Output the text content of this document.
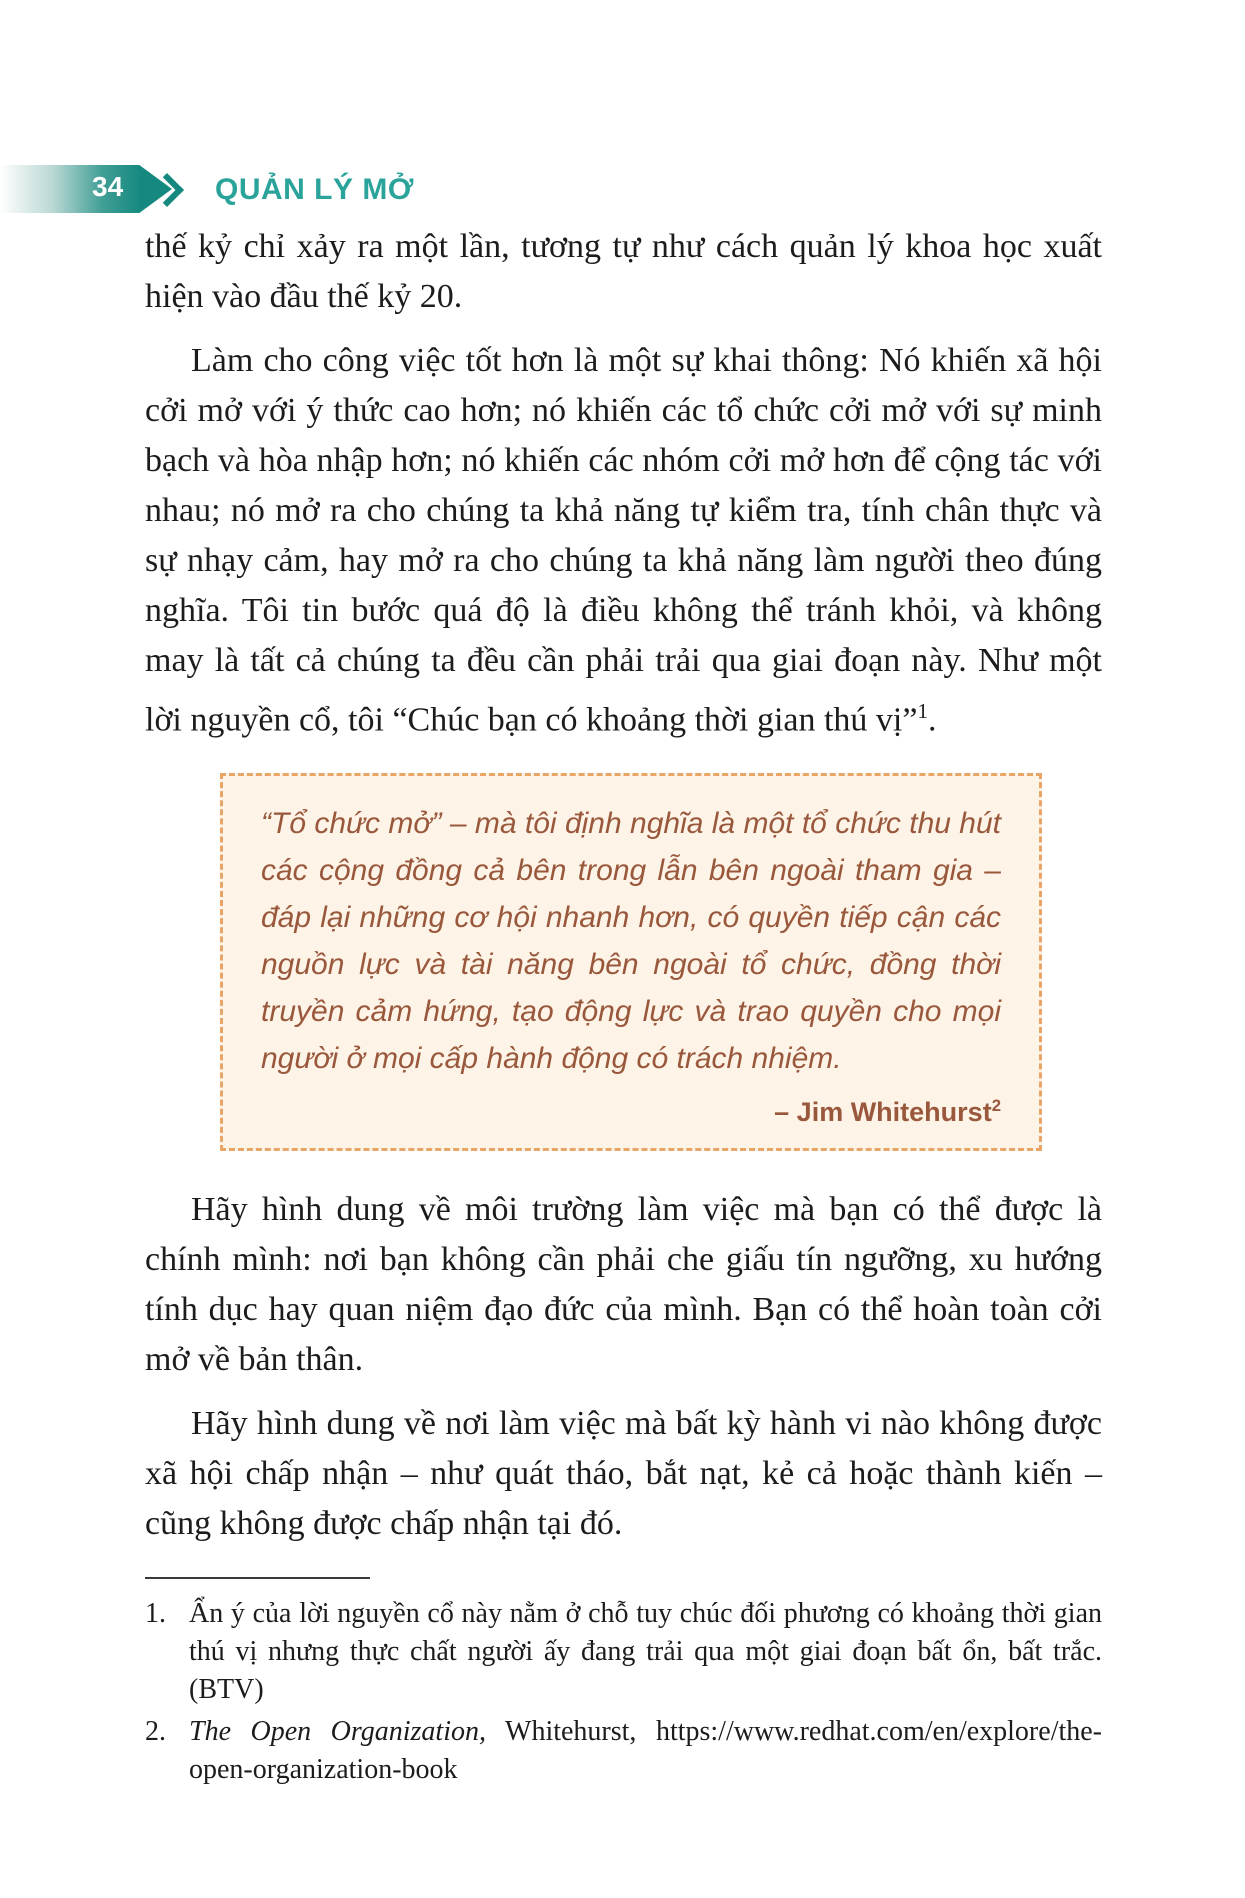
34	QUẢN LÝ MỞ

thế kỷ chỉ xảy ra một lần, tương tự như cách quản lý khoa học xuất hiện vào đầu thế kỷ 20.

Làm cho công việc tốt hơn là một sự khai thông: Nó khiến xã hội cởi mở với ý thức cao hơn; nó khiến các tổ chức cởi mở với sự minh bạch và hòa nhập hơn; nó khiến các nhóm cởi mở hơn để cộng tác với nhau; nó mở ra cho chúng ta khả năng tự kiểm tra, tính chân thực và sự nhạy cảm, hay mở ra cho chúng ta khả năng làm người theo đúng nghĩa. Tôi tin bước quá độ là điều không thể tránh khỏi, và không may là tất cả chúng ta đều cần phải trải qua giai đoạn này. Như một lời nguyền cổ, tôi “Chúc bạn có khoảng thời gian thú vị”$^1$.

“Tổ chức mở” – mà tôi định nghĩa là một tổ chức thu hút các cộng đồng cả bên trong lẫn bên ngoài tham gia – đáp lại những cơ hội nhanh hơn, có quyền tiếp cận các nguồn lực và tài năng bên ngoài tổ chức, đồng thời truyền cảm hứng, tạo động lực và trao quyền cho mọi người ở mọi cấp hành động có trách nhiệm.

– Jim Whitehurst$^2$

Hãy hình dung về môi trường làm việc mà bạn có thể được là chính mình: nơi bạn không cần phải che giấu tín ngưỡng, xu hướng tính dục hay quan niệm đạo đức của mình. Bạn có thể hoàn toàn cởi mở về bản thân.

Hãy hình dung về nơi làm việc mà bất kỳ hành vi nào không được xã hội chấp nhận – như quát tháo, bắt nạt, kẻ cả hoặc thành kiến – cũng không được chấp nhận tại đó.

1. Ẩn ý của lời nguyền cổ này nằm ở chỗ tuy chúc đối phương có khoảng thời gian thú vị nhưng thực chất người ấy đang trải qua một giai đoạn bất ổn, bất trắc. (BTV)
2. The Open Organization, Whitehurst, https://www.redhat.com/en/explore/the-open-organization-book
